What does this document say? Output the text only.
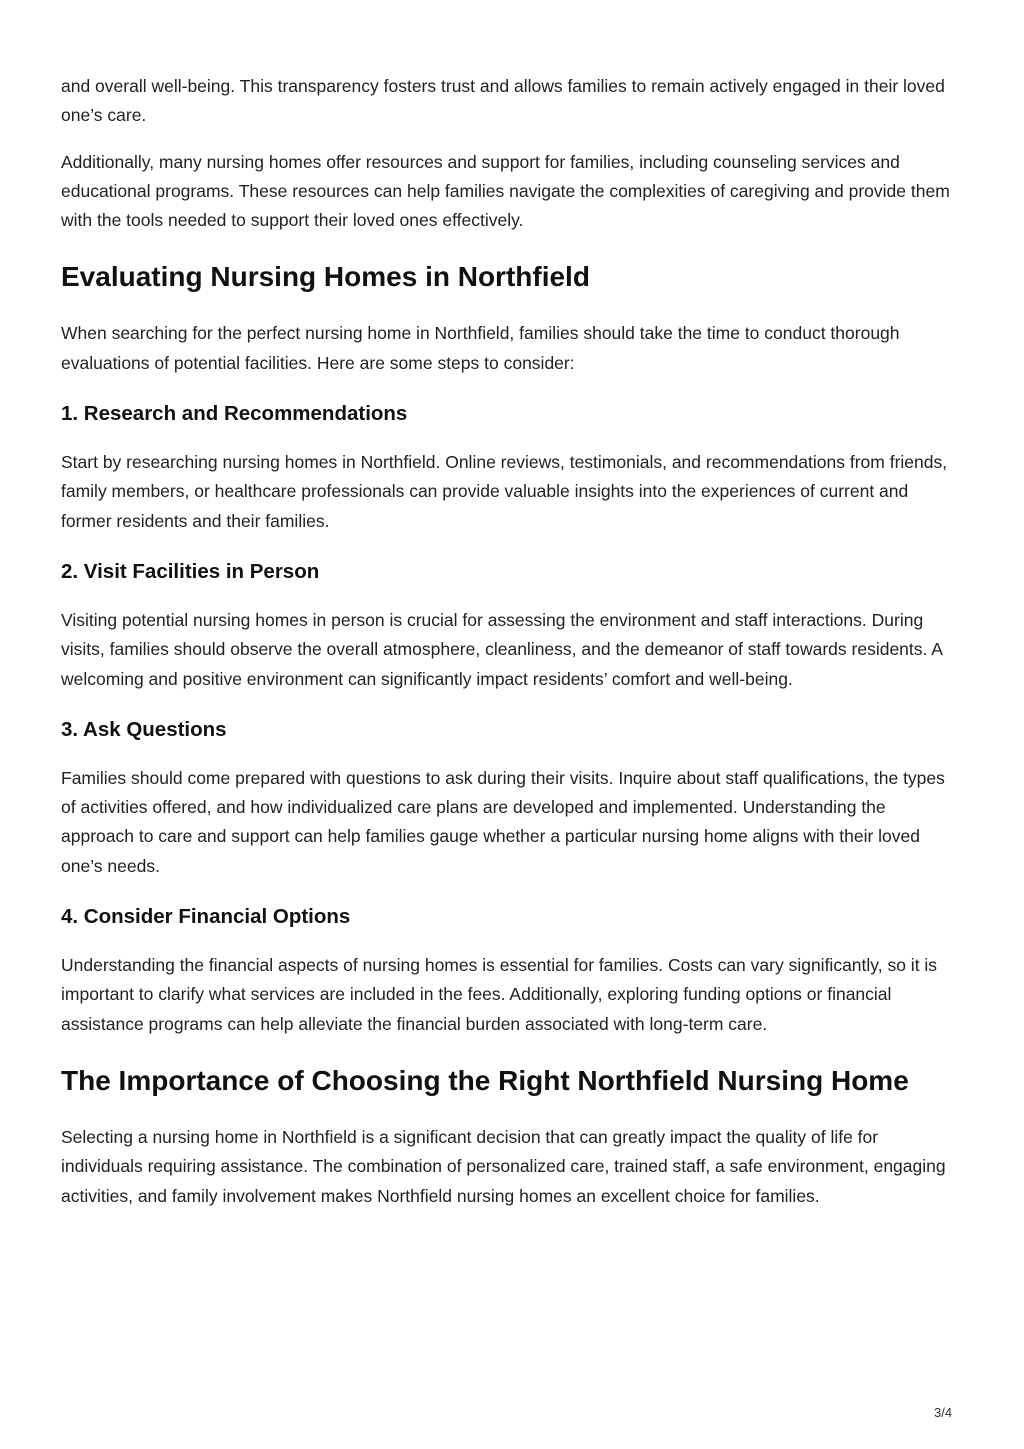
and overall well-being. This transparency fosters trust and allows families to remain actively engaged in their loved one’s care.

Additionally, many nursing homes offer resources and support for families, including counseling services and educational programs. These resources can help families navigate the complexities of caregiving and provide them with the tools needed to support their loved ones effectively.

Evaluating Nursing Homes in Northfield

When searching for the perfect nursing home in Northfield, families should take the time to conduct thorough evaluations of potential facilities. Here are some steps to consider:

1. Research and Recommendations

Start by researching nursing homes in Northfield. Online reviews, testimonials, and recommendations from friends, family members, or healthcare professionals can provide valuable insights into the experiences of current and former residents and their families.

2. Visit Facilities in Person

Visiting potential nursing homes in person is crucial for assessing the environment and staff interactions. During visits, families should observe the overall atmosphere, cleanliness, and the demeanor of staff towards residents. A welcoming and positive environment can significantly impact residents’ comfort and well-being.

3. Ask Questions

Families should come prepared with questions to ask during their visits. Inquire about staff qualifications, the types of activities offered, and how individualized care plans are developed and implemented. Understanding the approach to care and support can help families gauge whether a particular nursing home aligns with their loved one’s needs.

4. Consider Financial Options

Understanding the financial aspects of nursing homes is essential for families. Costs can vary significantly, so it is important to clarify what services are included in the fees. Additionally, exploring funding options or financial assistance programs can help alleviate the financial burden associated with long-term care.

The Importance of Choosing the Right Northfield Nursing Home

Selecting a nursing home in Northfield is a significant decision that can greatly impact the quality of life for individuals requiring assistance. The combination of personalized care, trained staff, a safe environment, engaging activities, and family involvement makes Northfield nursing homes an excellent choice for families.

3/4
